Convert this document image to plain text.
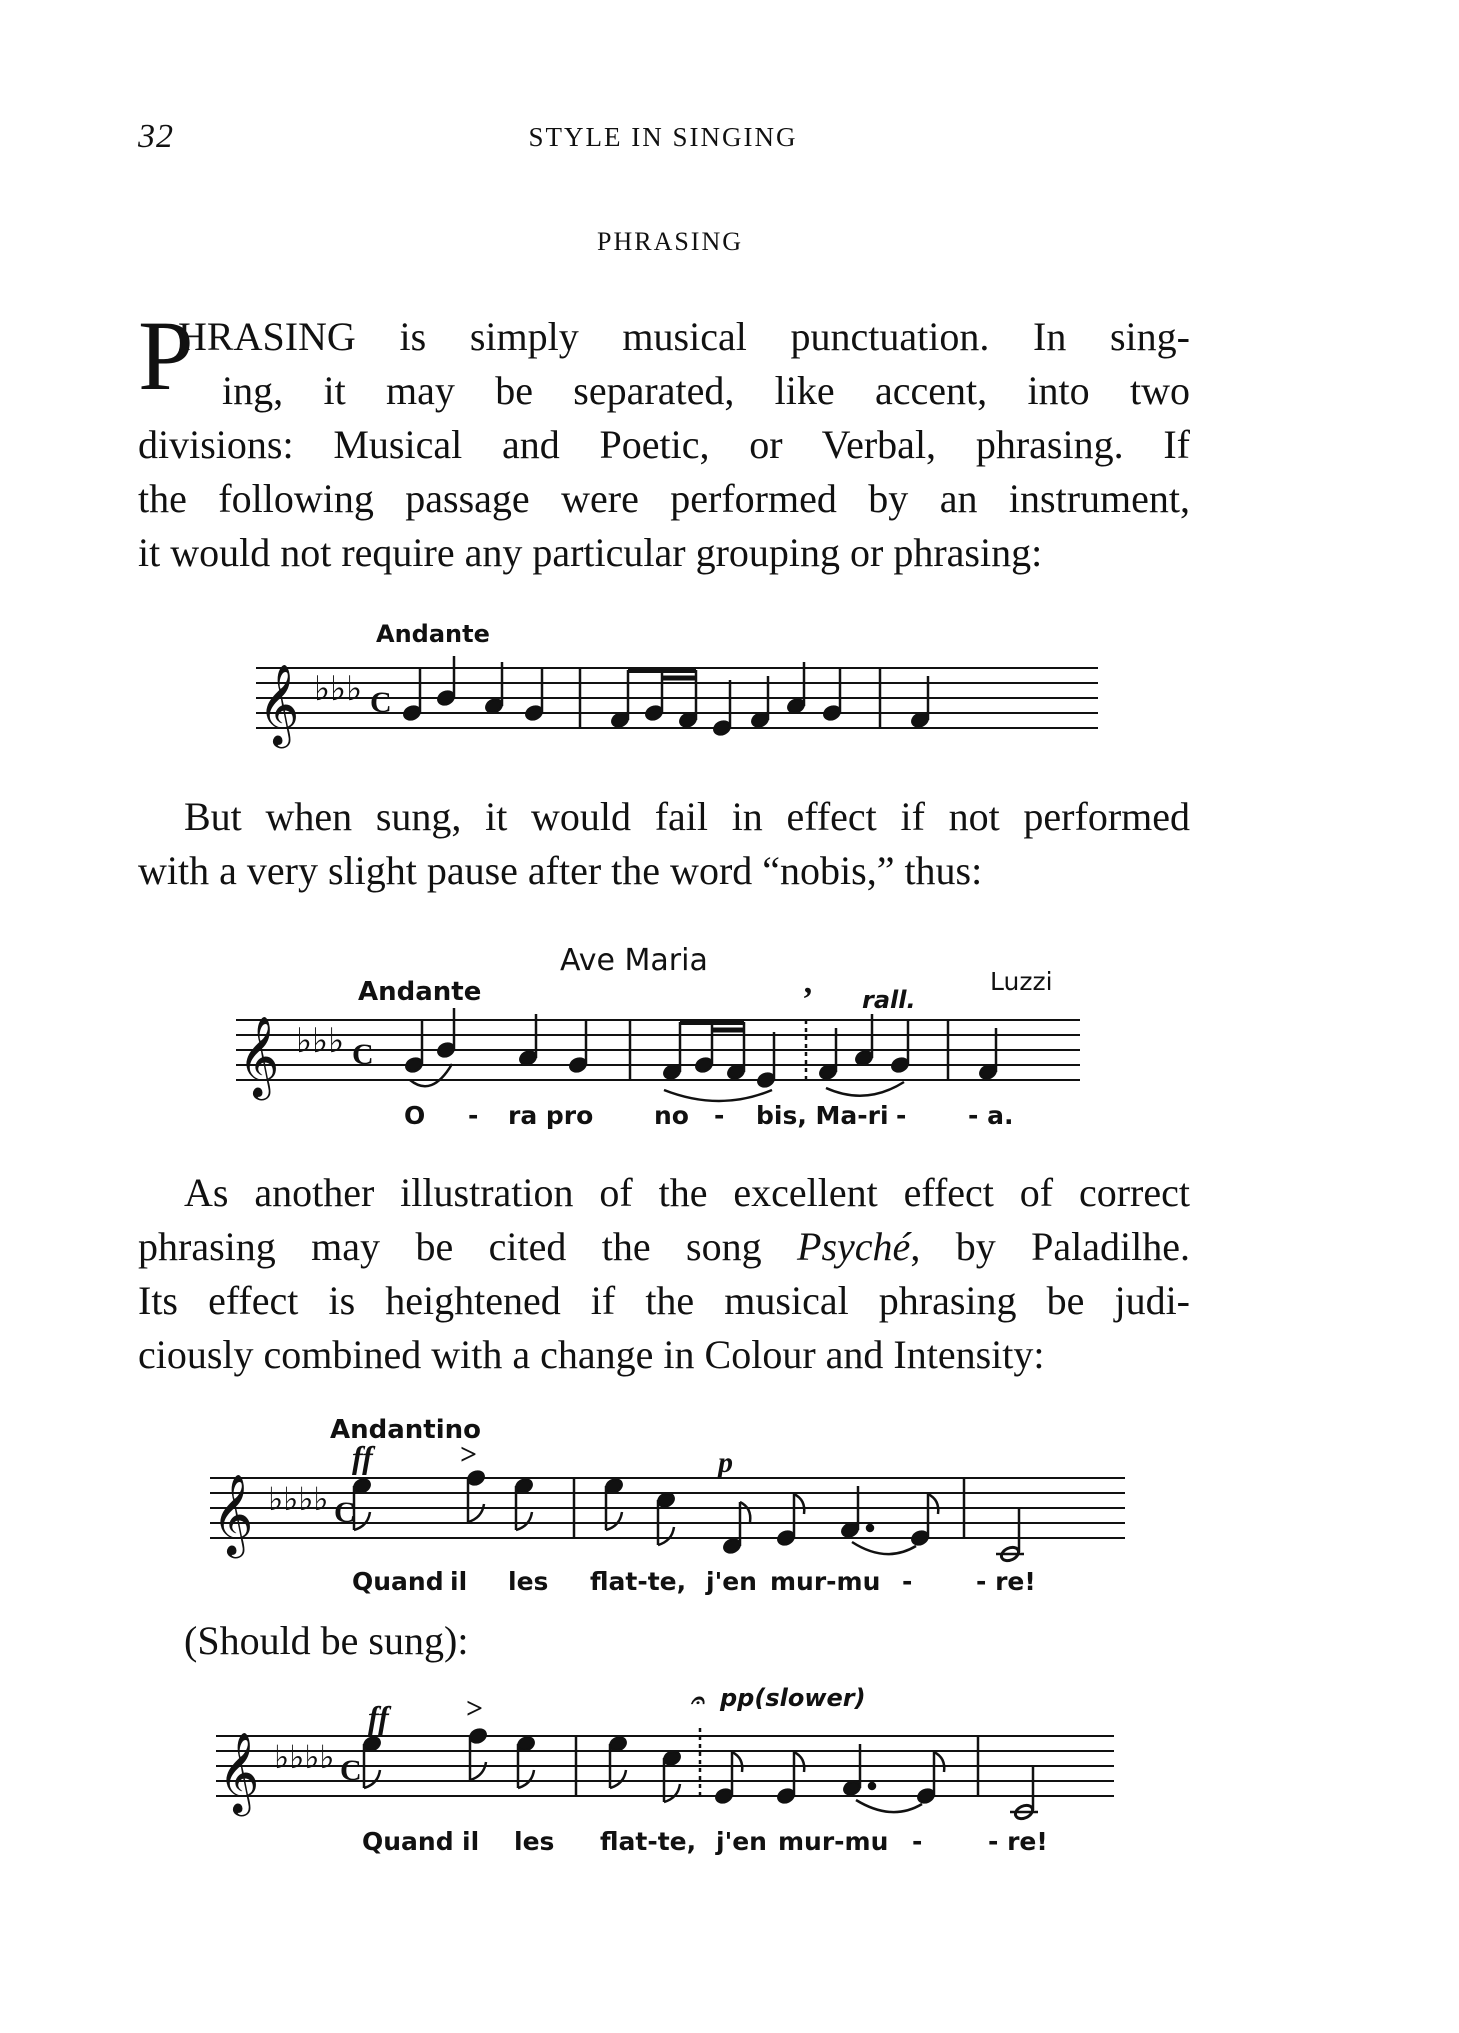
32	STYLE IN SINGING
PHRASING
P
HRASING is simply musical punctuation. In sing-
ing, it may be separated, like accent, into two
divisions: Musical and Poetic, or Verbal, phrasing. If
the following passage were performed by an instrument,
it would not require any particular grouping or phrasing:
But when sung, it would fail in effect if not performed
with a very slight pause after the word “nobis,” thus:
As another illustration of the excellent effect of correct
phrasing may be cited the song Psyché, by Paladilhe.
Its effect is heightened if the musical phrasing be judi-
ciously combined with a change in Colour and Intensity:
(Should be sung):
Andante
𝄞 ♭♭♭ C
Ave Maria
Andante	Luzzi
’ rall.
𝄞 ♭♭♭ C
O - ra pro no - bis, Ma-ri - - a.
Andantino
ff	>	p
𝄞 ♭♭♭♭ C
Quand il les flat-te, j'en mur-mu -	- re!
ff	>	𝄐 pp(slower)
𝄞 ♭♭♭♭ C
Quand il les flat-te, j'en mur-mu -	- re!
